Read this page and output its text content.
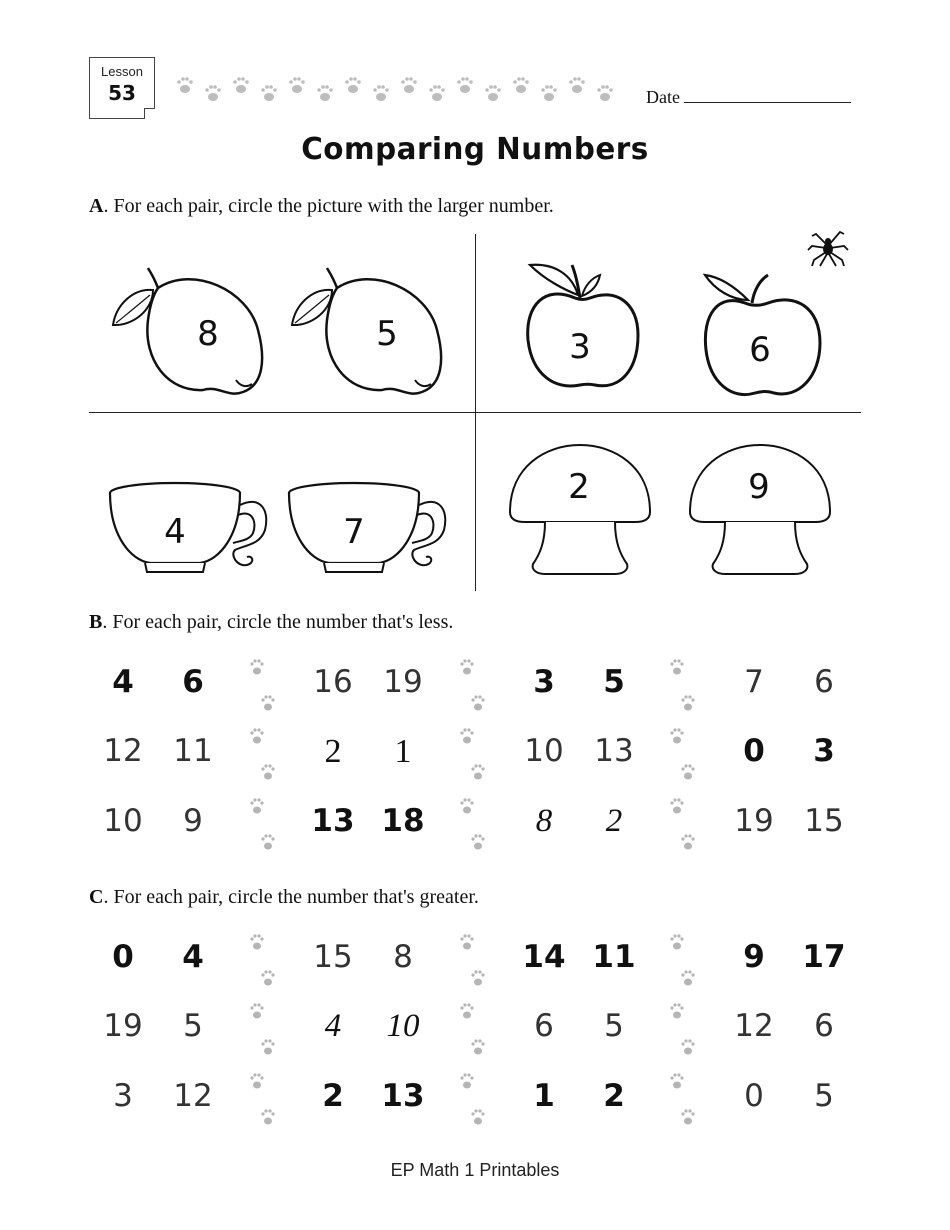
Lesson
53	Date
Comparing Numbers
A. For each pair, circle the picture with the larger number.
8	5	3	6
4	7
2	9
B. For each pair, circle the number that's less.
4	6	16 19	3	5	7	6
12 11	2	1	10 13	0	3
10	9	13 18	8	2	19 15
C. For each pair, circle the number that's greater.
0	4	15	8	14 11	9	17
19	5	4	10	6	5	12	6
3	12	2	13	1	2	0	5
EP Math 1 Printables
